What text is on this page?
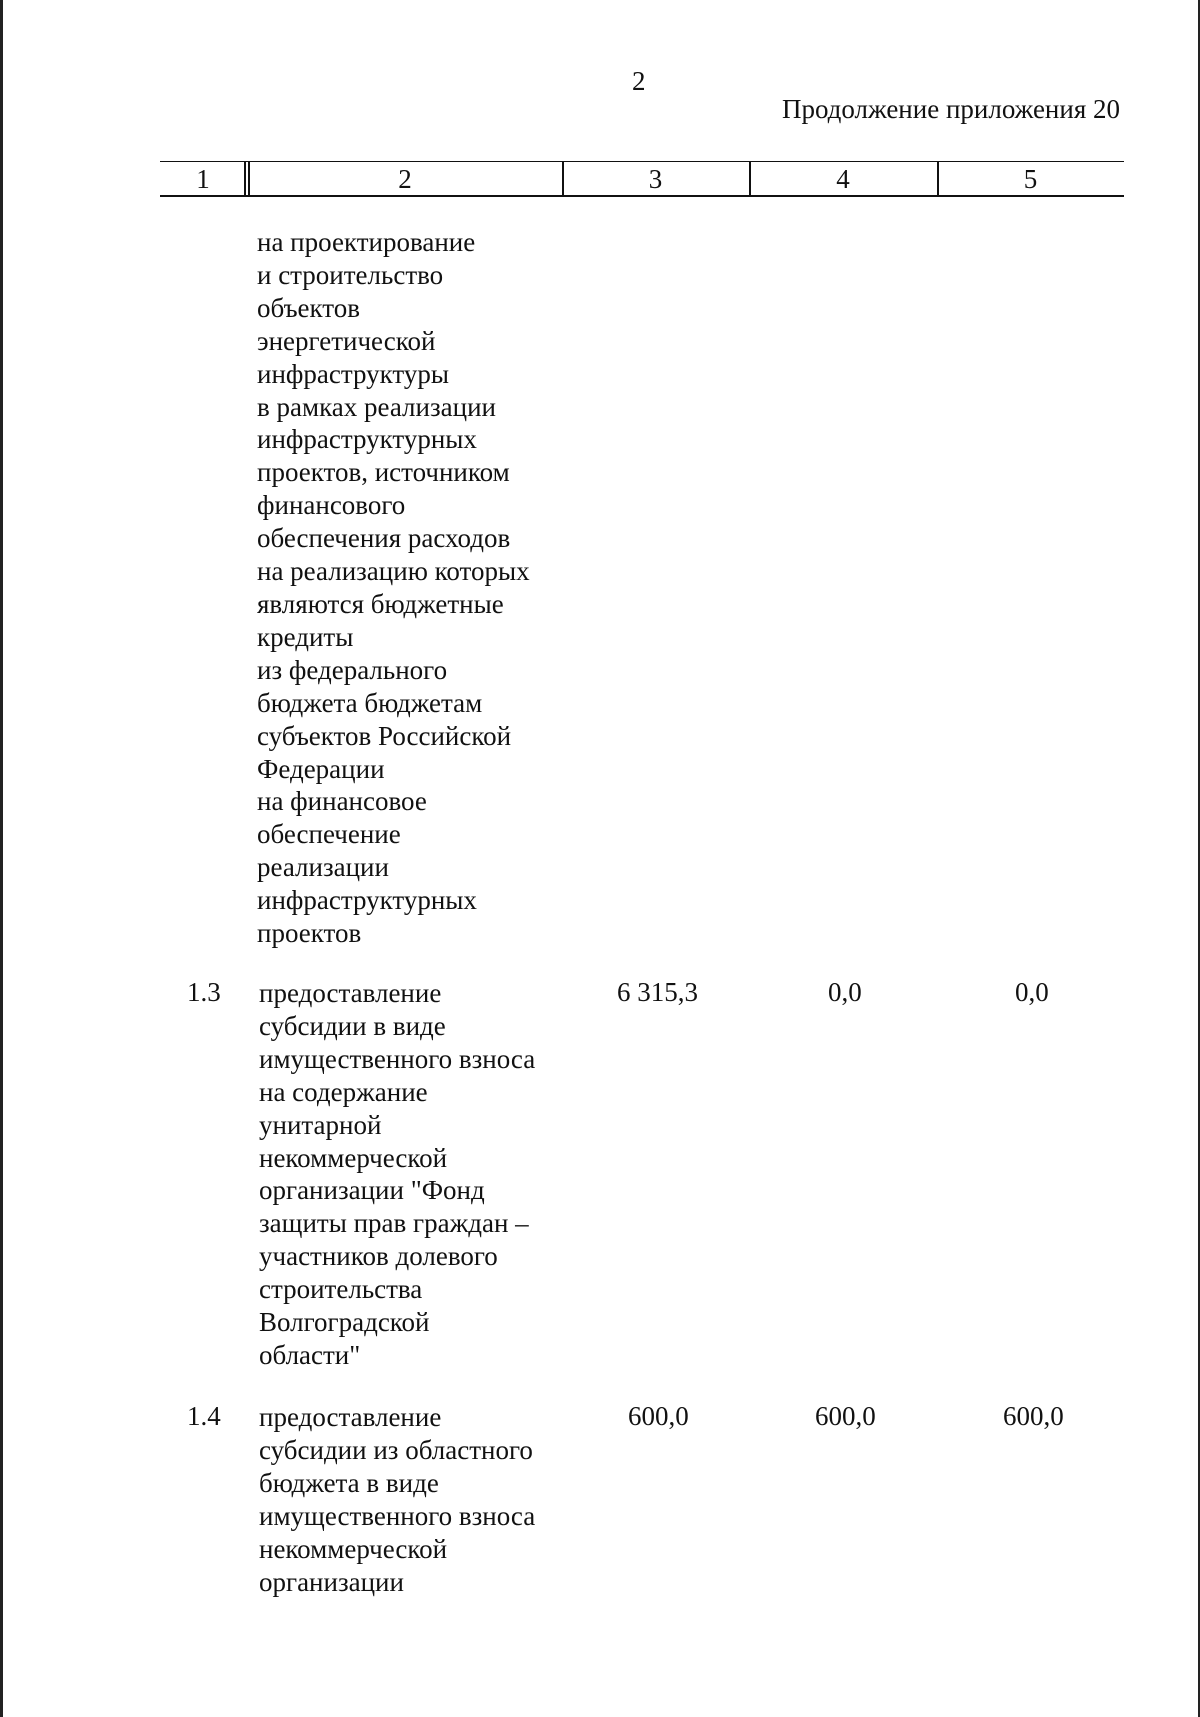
2
Продолжение приложения 20
1	2	3	4	5
на проектирование
и строительство
объектов
энергетической
инфраструктуры
в рамках реализации
инфраструктурных
проектов, источником
финансового
обеспечения расходов
на реализацию которых
являются бюджетные
кредиты
из федерального
бюджета бюджетам
субъектов Российской
Федерации
на финансовое
обеспечение
реализации
инфраструктурных
проектов
1.3 предоставление
субсидии в виде
имущественного взноса
на содержание
унитарной
некоммерческой
организации "Фонд
защиты прав граждан –
участников долевого
строительства
Волгоградской
области"
6 315,3	0,0	0,0
1.4 предоставление
субсидии из областного
бюджета в виде
имущественного взноса
некоммерческой
организации
600,0	600,0	600,0
